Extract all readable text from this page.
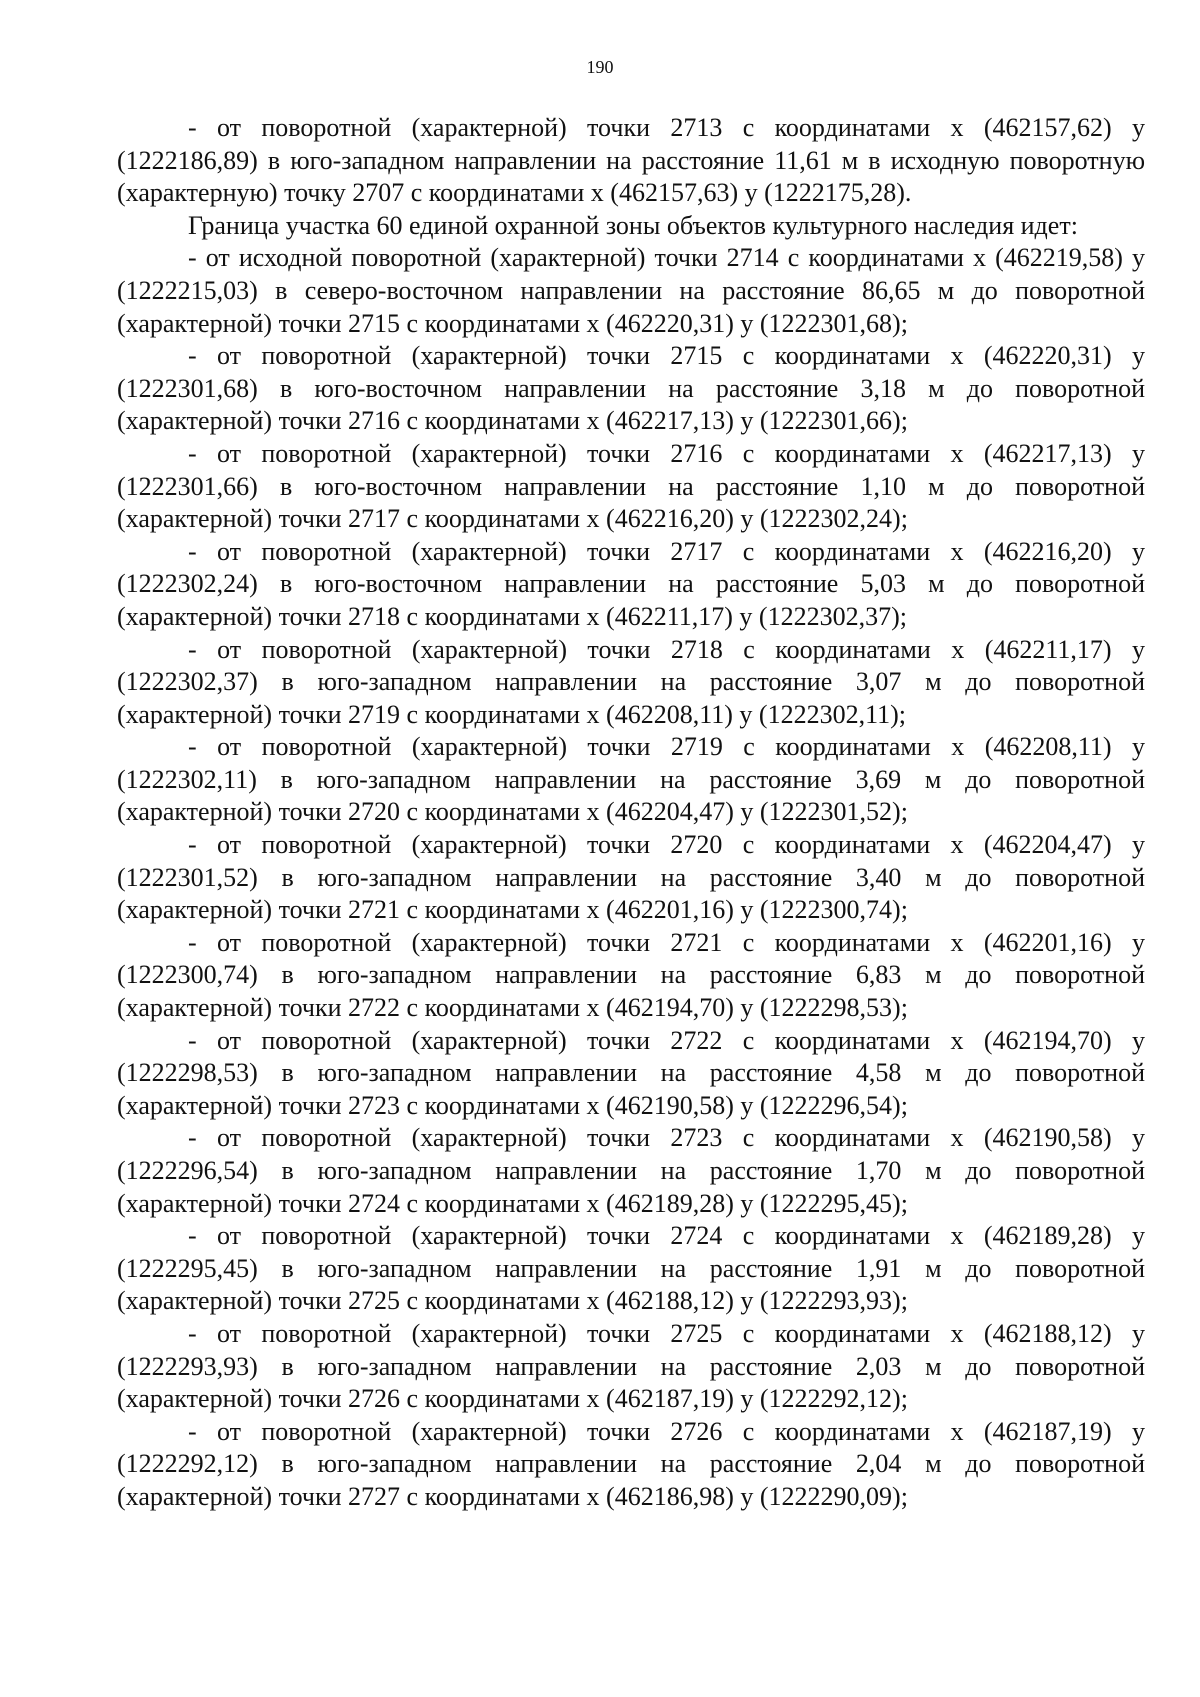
190

- от поворотной (характерной) точки 2713 с координатами х (462157,62) у (1222186,89) в юго-западном направлении на расстояние 11,61 м в исходную поворотную (характерную) точку 2707 с координатами х (462157,63) у (1222175,28).

Граница участка 60 единой охранной зоны объектов культурного наследия идет:

- от исходной поворотной (характерной) точки 2714 с координатами х (462219,58) у (1222215,03) в северо-восточном направлении на расстояние 86,65 м до поворотной (характерной) точки 2715 с координатами х (462220,31) у (1222301,68);

- от поворотной (характерной) точки 2715 с координатами х (462220,31) у (1222301,68) в юго-восточном направлении на расстояние 3,18 м до поворотной (характерной) точки 2716 с координатами х (462217,13) у (1222301,66);

- от поворотной (характерной) точки 2716 с координатами х (462217,13) у (1222301,66) в юго-восточном направлении на расстояние 1,10 м до поворотной (характерной) точки 2717 с координатами х (462216,20) у (1222302,24);

- от поворотной (характерной) точки 2717 с координатами х (462216,20) у (1222302,24) в юго-восточном направлении на расстояние 5,03 м до поворотной (характерной) точки 2718 с координатами х (462211,17) у (1222302,37);

- от поворотной (характерной) точки 2718 с координатами х (462211,17) у (1222302,37) в юго-западном направлении на расстояние 3,07 м до поворотной (характерной) точки 2719 с координатами х (462208,11) у (1222302,11);

- от поворотной (характерной) точки 2719 с координатами х (462208,11) у (1222302,11) в юго-западном направлении на расстояние 3,69 м до поворотной (характерной) точки 2720 с координатами х (462204,47) у (1222301,52);

- от поворотной (характерной) точки 2720 с координатами х (462204,47) у (1222301,52) в юго-западном направлении на расстояние 3,40 м до поворотной (характерной) точки 2721 с координатами х (462201,16) у (1222300,74);

- от поворотной (характерной) точки 2721 с координатами х (462201,16) у (1222300,74) в юго-западном направлении на расстояние 6,83 м до поворотной (характерной) точки 2722 с координатами х (462194,70) у (1222298,53);

- от поворотной (характерной) точки 2722 с координатами х (462194,70) у (1222298,53) в юго-западном направлении на расстояние 4,58 м до поворотной (характерной) точки 2723 с координатами х (462190,58) у (1222296,54);

- от поворотной (характерной) точки 2723 с координатами х (462190,58) у (1222296,54) в юго-западном направлении на расстояние 1,70 м до поворотной (характерной) точки 2724 с координатами х (462189,28) у (1222295,45);

- от поворотной (характерной) точки 2724 с координатами х (462189,28) у (1222295,45) в юго-западном направлении на расстояние 1,91 м до поворотной (характерной) точки 2725 с координатами х (462188,12) у (1222293,93);

- от поворотной (характерной) точки 2725 с координатами х (462188,12) у (1222293,93) в юго-западном направлении на расстояние 2,03 м до поворотной (характерной) точки 2726 с координатами х (462187,19) у (1222292,12);

- от поворотной (характерной) точки 2726 с координатами х (462187,19) у (1222292,12) в юго-западном направлении на расстояние 2,04 м до поворотной (характерной) точки 2727 с координатами х (462186,98) у (1222290,09);
